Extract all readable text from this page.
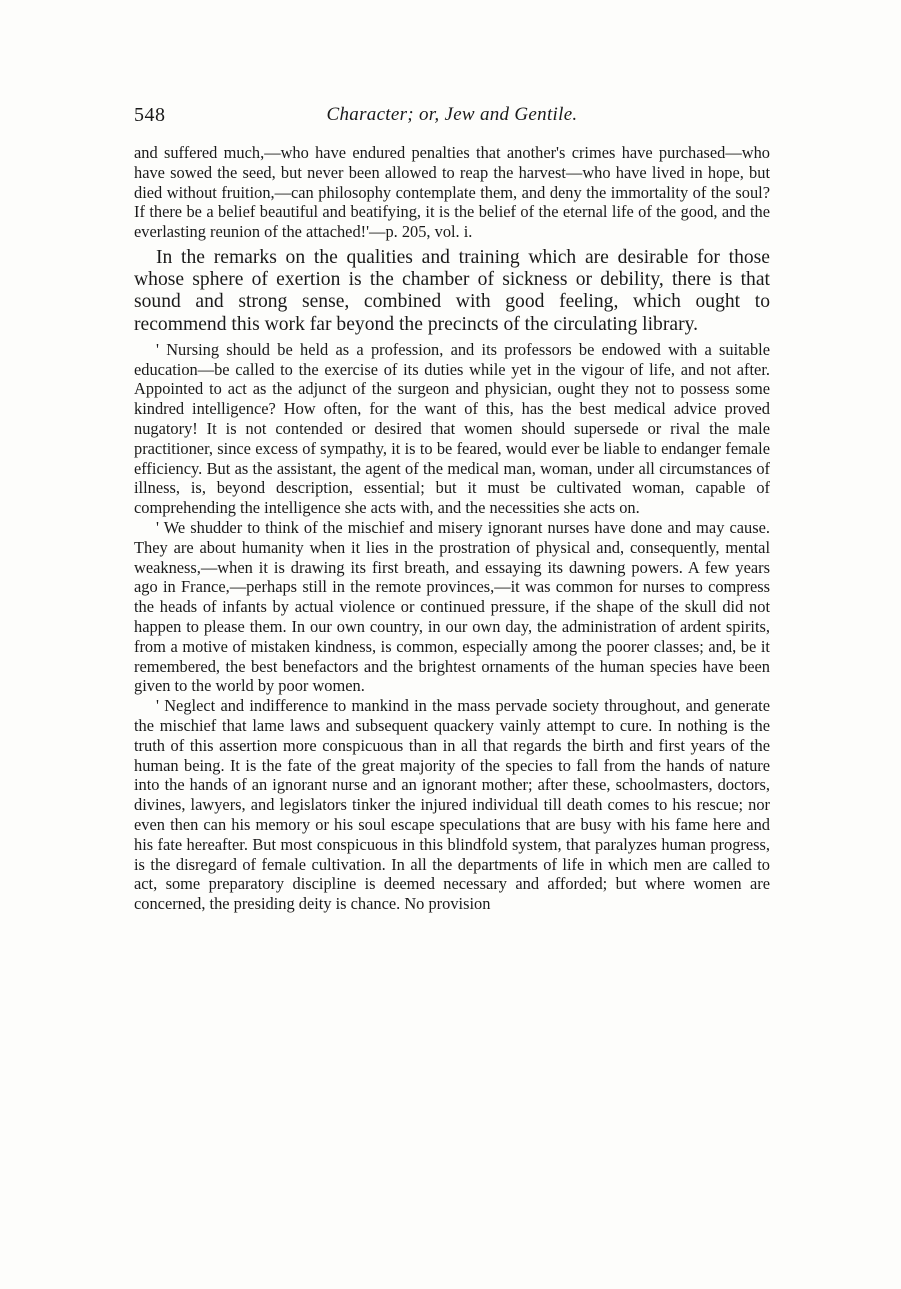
548	Character; or, Jew and Gentile.

and suffered much,—who have endured penalties that another's crimes have purchased—who have sowed the seed, but never been allowed to reap the harvest—who have lived in hope, but died without fruition,—can philosophy contemplate them, and deny the immortality of the soul? If there be a belief beautiful and beatifying, it is the belief of the eternal life of the good, and the everlasting reunion of the attached!'—p. 205, vol. i.

In the remarks on the qualities and training which are desirable for those whose sphere of exertion is the chamber of sickness or debility, there is that sound and strong sense, combined with good feeling, which ought to recommend this work far beyond the precincts of the circulating library.

' Nursing should be held as a profession, and its professors be endowed with a suitable education—be called to the exercise of its duties while yet in the vigour of life, and not after. Appointed to act as the adjunct of the surgeon and physician, ought they not to possess some kindred intelligence? How often, for the want of this, has the best medical advice proved nugatory! It is not contended or desired that women should supersede or rival the male practitioner, since excess of sympathy, it is to be feared, would ever be liable to endanger female efficiency. But as the assistant, the agent of the medical man, woman, under all circumstances of illness, is, beyond description, essential; but it must be cultivated woman, capable of comprehending the intelligence she acts with, and the necessities she acts on.

' We shudder to think of the mischief and misery ignorant nurses have done and may cause. They are about humanity when it lies in the prostration of physical and, consequently, mental weakness,—when it is drawing its first breath, and essaying its dawning powers. A few years ago in France,—perhaps still in the remote provinces,—it was common for nurses to compress the heads of infants by actual violence or continued pressure, if the shape of the skull did not happen to please them. In our own country, in our own day, the administration of ardent spirits, from a motive of mistaken kindness, is common, especially among the poorer classes; and, be it remembered, the best benefactors and the brightest ornaments of the human species have been given to the world by poor women.

' Neglect and indifference to mankind in the mass pervade society throughout, and generate the mischief that lame laws and subsequent quackery vainly attempt to cure. In nothing is the truth of this assertion more conspicuous than in all that regards the birth and first years of the human being. It is the fate of the great majority of the species to fall from the hands of nature into the hands of an ignorant nurse and an ignorant mother; after these, schoolmasters, doctors, divines, lawyers, and legislators tinker the injured individual till death comes to his rescue; nor even then can his memory or his soul escape speculations that are busy with his fame here and his fate hereafter. But most conspicuous in this blindfold system, that paralyzes human progress, is the disregard of female cultivation. In all the departments of life in which men are called to act, some preparatory discipline is deemed necessary and afforded; but where women are concerned, the presiding deity is chance. No provision
